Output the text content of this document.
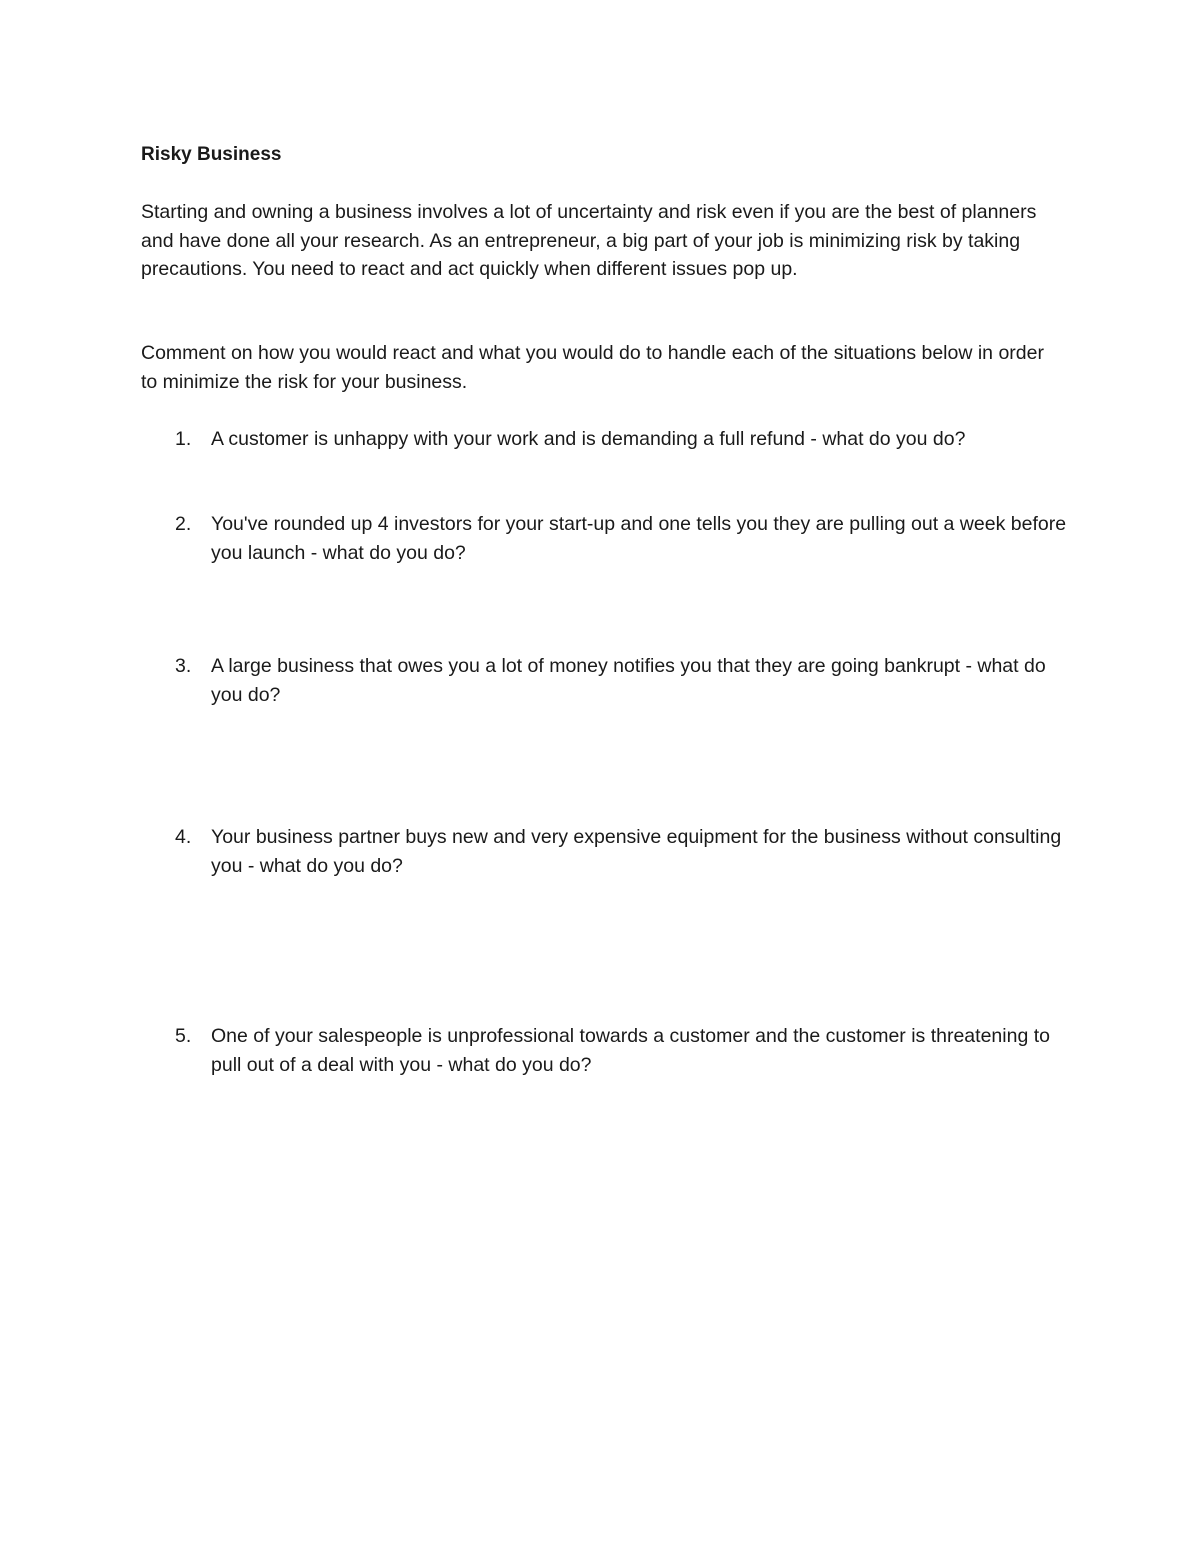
Risky Business

Starting and owning a business involves a lot of uncertainty and risk even if you are the best of planners and have done all your research. As an entrepreneur, a big part of your job is minimizing risk by taking precautions. You need to react and act quickly when different issues pop up.

Comment on how you would react and what you would do to handle each of the situations below in order to minimize the risk for your business.

1. A customer is unhappy with your work and is demanding a full refund - what do you do?
2. You've rounded up 4 investors for your start-up and one tells you they are pulling out a week before you launch - what do you do?
3. A large business that owes you a lot of money notifies you that they are going bankrupt - what do you do?
4. Your business partner buys new and very expensive equipment for the business without consulting you - what do you do?
5. One of your salespeople is unprofessional towards a customer and the customer is threatening to pull out of a deal with you - what do you do?
